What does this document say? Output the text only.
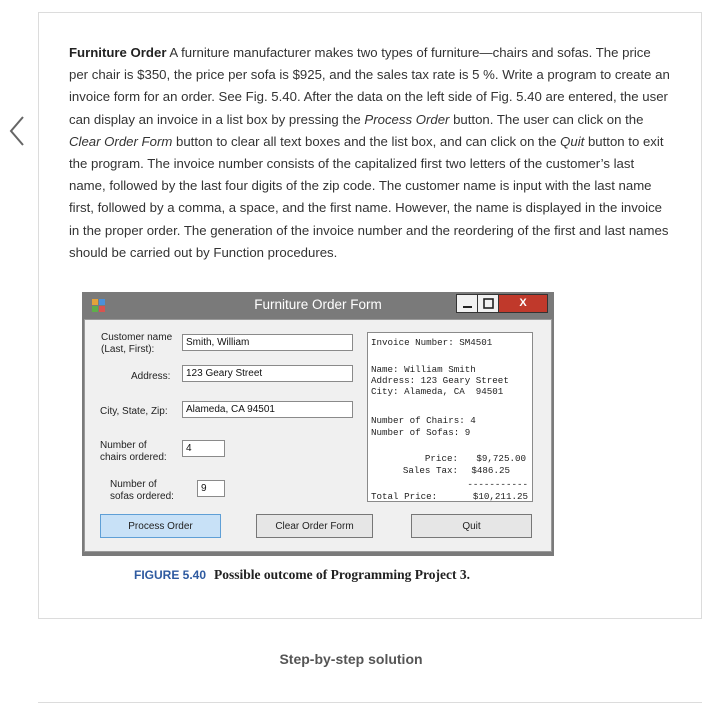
Furniture Order A furniture manufacturer makes two types of furniture—chairs and sofas. The price per chair is $350, the price per sofa is $925, and the sales tax rate is 5 %. Write a program to create an invoice form for an order. See Fig. 5.40. After the data on the left side of Fig. 5.40 are entered, the user can display an invoice in a list box by pressing the Process Order button. The user can click on the Clear Order Form button to clear all text boxes and the list box, and can click on the Quit button to exit the program. The invoice number consists of the capitalized first two letters of the customer’s last name, followed by the last four digits of the zip code. The customer name is input with the last name first, followed by a comma, a space, and the first name. However, the name is displayed in the invoice in the proper order. The generation of the invoice number and the reordering of the first and last names should be carried out by Function procedures.

Furniture Order Form	X
Customer name
(Last, First):
Smith, William
Address:
123 Geary Street
City, State, Zip:
Alameda, CA 94501
Number of
chairs ordered:
4
Number of
sofas ordered:
9
Invoice Number: SM4501
Name: William Smith
Address: 123 Geary Street
City: Alameda, CA  94501
Number of Chairs: 4
Number of Sofas: 9
Price: $9,725.00
Sales Tax: $486.25
-----------
Total Price:	$10,211.25
Process Order	Clear Order Form	Quit
FIGURE 5.40 Possible outcome of Programming Project 3.
Step-by-step solution
